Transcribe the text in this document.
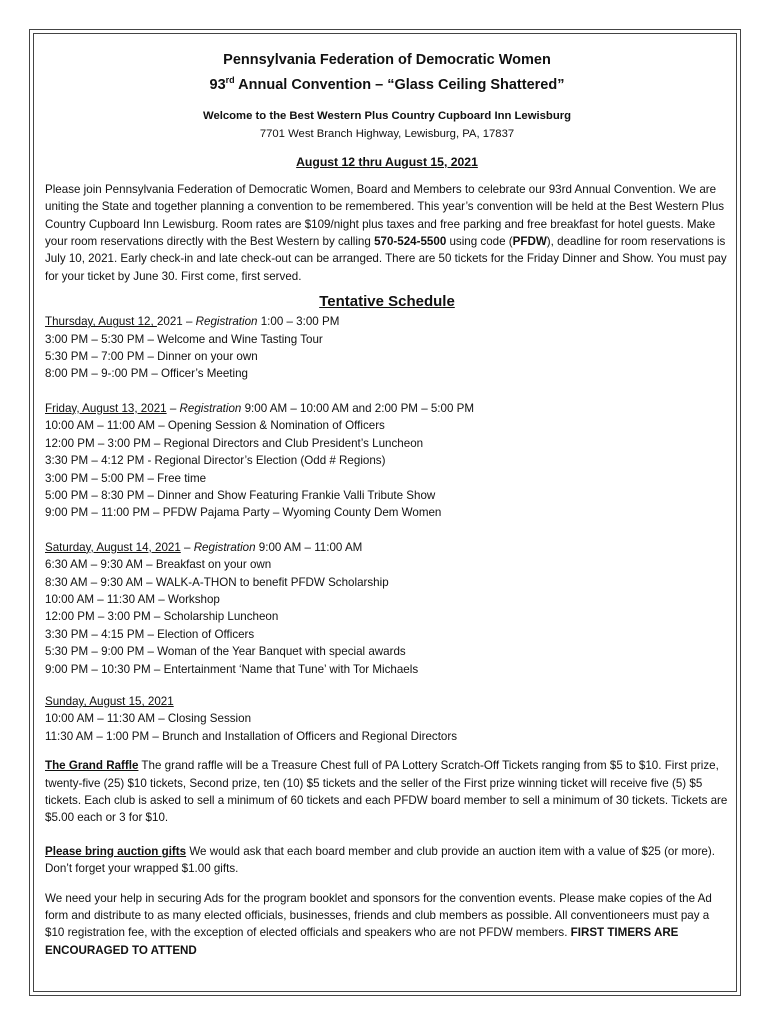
Pennsylvania Federation of Democratic Women
93rd Annual Convention – “Glass Ceiling Shattered”
Welcome to the Best Western Plus Country Cupboard Inn Lewisburg
7701 West Branch Highway, Lewisburg, PA, 17837
August 12 thru August 15, 2021

Please join Pennsylvania Federation of Democratic Women, Board and Members to celebrate our 93rd Annual Convention. We are uniting the State and together planning a convention to be remembered. This year’s convention will be held at the Best Western Plus Country Cupboard Inn Lewisburg. Room rates are $109/night plus taxes and free parking and free breakfast for hotel guests. Make your room reservations directly with the Best Western by calling 570-524-5500 using code (PFDW), deadline for room reservations is July 10, 2021. Early check-in and late check-out can be arranged. There are 50 tickets for the Friday Dinner and Show. You must pay for your ticket by June 30. First come, first served.

Tentative Schedule
Thursday, August 12, 2021 – Registration 1:00 – 3:00 PM
3:00 PM – 5:30 PM – Welcome and Wine Tasting Tour
5:30 PM – 7:00 PM – Dinner on your own
8:00 PM – 9-:00 PM – Officer’s Meeting
Friday, August 13, 2021 – Registration 9:00 AM – 10:00 AM and 2:00 PM – 5:00 PM
10:00 AM – 11:00 AM – Opening Session & Nomination of Officers
12:00 PM – 3:00 PM – Regional Directors and Club President’s Luncheon
3:30 PM – 4:12 PM - Regional Director’s Election (Odd # Regions)
3:00 PM – 5:00 PM – Free time
5:00 PM – 8:30 PM – Dinner and Show Featuring Frankie Valli Tribute Show
9:00 PM – 11:00 PM – PFDW Pajama Party – Wyoming County Dem Women
Saturday, August 14, 2021 – Registration 9:00 AM – 11:00 AM
6:30 AM – 9:30 AM – Breakfast on your own
8:30 AM – 9:30 AM – WALK-A-THON to benefit PFDW Scholarship
10:00 AM – 11:30 AM – Workshop
12:00 PM – 3:00 PM – Scholarship Luncheon
3:30 PM – 4:15 PM – Election of Officers
5:30 PM – 9:00 PM – Woman of the Year Banquet with special awards
9:00 PM – 10:30 PM – Entertainment ‘Name that Tune’ with Tor Michaels
Sunday, August 15, 2021
10:00 AM – 11:30 AM – Closing Session
11:30 AM – 1:00 PM – Brunch and Installation of Officers and Regional Directors

The Grand Raffle The grand raffle will be a Treasure Chest full of PA Lottery Scratch-Off Tickets ranging from $5 to $10. First prize, twenty-five (25) $10 tickets, Second prize, ten (10) $5 tickets and the seller of the First prize winning ticket will receive five (5) $5 tickets. Each club is asked to sell a minimum of 60 tickets and each PFDW board member to sell a minimum of 30 tickets. Tickets are $5.00 each or 3 for $10.

Please bring auction gifts We would ask that each board member and club provide an auction item with a value of $25 (or more). Don’t forget your wrapped $1.00 gifts.

We need your help in securing Ads for the program booklet and sponsors for the convention events. Please make copies of the Ad form and distribute to as many elected officials, businesses, friends and club members as possible. All conventioneers must pay a $10 registration fee, with the exception of elected officials and speakers who are not PFDW members. FIRST TIMERS ARE ENCOURAGED TO ATTEND
